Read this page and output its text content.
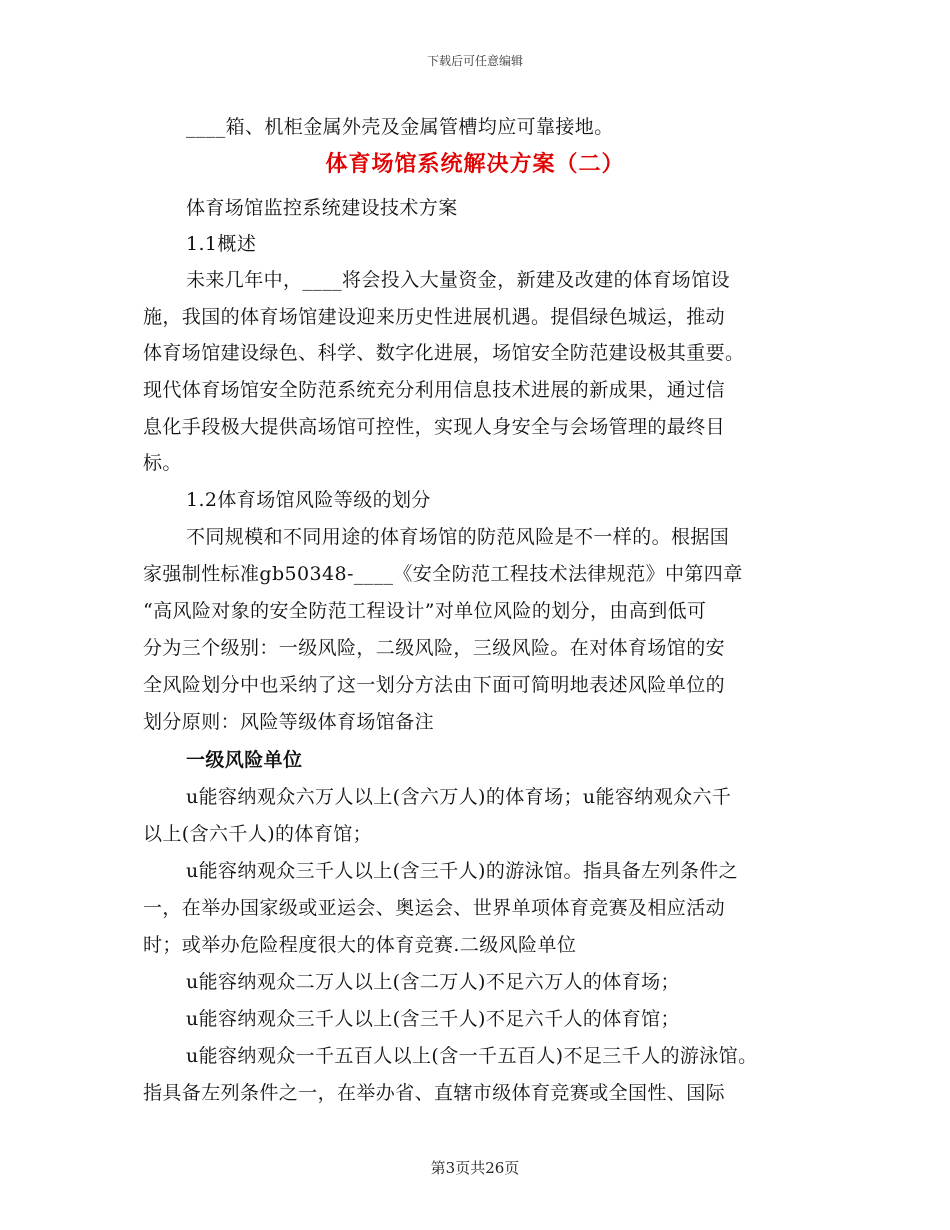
下载后可任意编辑
____箱、机柜金属外壳及金属管槽均应可靠接地。
体育场馆系统解决方案（二）
体育场馆监控系统建设技术方案
1.1概述
未来几年中，____将会投入大量资金，新建及改建的体育场馆设
施，我国的体育场馆建设迎来历史性进展机遇。提倡绿色城运，推动
体育场馆建设绿色、科学、数字化进展，场馆安全防范建设极其重要。
现代体育场馆安全防范系统充分利用信息技术进展的新成果，通过信
息化手段极大提供高场馆可控性，实现人身安全与会场管理的最终目
标。
1.2体育场馆风险等级的划分
不同规模和不同用途的体育场馆的防范风险是不一样的。根据国
家强制性标准gb50348-____《安全防范工程技术法律规范》中第四章
“高风险对象的安全防范工程设计”对单位风险的划分，由高到低可
分为三个级别：一级风险，二级风险，三级风险。在对体育场馆的安
全风险划分中也采纳了这一划分方法由下面可简明地表述风险单位的
划分原则：风险等级体育场馆备注
一级风险单位
u能容纳观众六万人以上(含六万人)的体育场；u能容纳观众六千
以上(含六千人)的体育馆；
u能容纳观众三千人以上(含三千人)的游泳馆。指具备左列条件之
一，在举办国家级或亚运会、奥运会、世界单项体育竞赛及相应活动
时；或举办危险程度很大的体育竞赛.二级风险单位
u能容纳观众二万人以上(含二万人)不足六万人的体育场；
u能容纳观众三千人以上(含三千人)不足六千人的体育馆；
u能容纳观众一千五百人以上(含一千五百人)不足三千人的游泳馆。
指具备左列条件之一，在举办省、直辖市级体育竞赛或全国性、国际
第3页共26页
